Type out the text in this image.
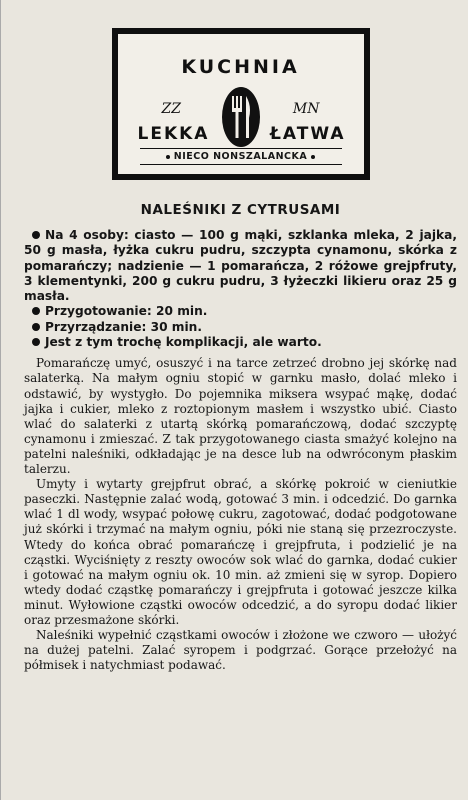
KUCHNIA
ZZ	MN
LEKKA	ŁATWA
NIECO NONSZALANCKA
NALEŚNIKI Z CYTRUSAMI

Na 4 osoby: ciasto — 100 g mąki, szklanka mleka, 2 jajka, 50 g masła, łyżka cukru pudru, szczypta cynamonu, skórka z pomarańczy; nadzienie — 1 pomarańcza, 2 różowe grejpfruty, 3 klementynki, 200 g cukru pudru, 3 łyżeczki likieru oraz 25 g masła.

Przygotowanie: 20 min.

Przyrządzanie: 30 min.

Jest z tym trochę komplikacji, ale warto.

Pomarańczę umyć, osuszyć i na tarce zetrzeć drobno jej skórkę nad salaterką. Na małym ogniu stopić w garnku masło, dolać mleko i odstawić, by wystygło. Do pojemnika miksera wsypać mąkę, dodać jajka i cukier, mleko z roztopionym masłem i wszystko ubić. Ciasto wlać do salaterki z utartą skórką pomarańczową, dodać szczyptę cynamonu i zmieszać. Z tak przygotowanego ciasta smażyć kolejno na patelni naleśniki, odkładając je na desce lub na odwróconym płaskim talerzu.

Umyty i wytarty grejpfrut obrać, a skórkę pokroić w cieniutkie paseczki. Następnie zalać wodą, gotować 3 min. i odcedzić. Do garnka wlać 1 dl wody, wsypać połowę cukru, zagotować, dodać podgotowane już skórki i trzymać na małym ogniu, póki nie staną się przezroczyste. Wtedy do końca obrać pomarańczę i grejpfruta, i podzielić je na cząstki. Wyciśnięty z reszty owoców sok wlać do garnka, dodać cukier i gotować na małym ogniu ok. 10 min. aż zmieni się w syrop. Dopiero wtedy dodać cząstkę pomarańczy i grejpfruta i gotować jeszcze kilka minut. Wyłowione cząstki owoców odcedzić, a do syropu dodać likier oraz przesmażone skórki.

Naleśniki wypełnić cząstkami owoców i złożone we czworo — ułożyć na dużej patelni. Zalać syropem i podgrzać. Gorące przełożyć na półmisek i natychmiast podawać.
